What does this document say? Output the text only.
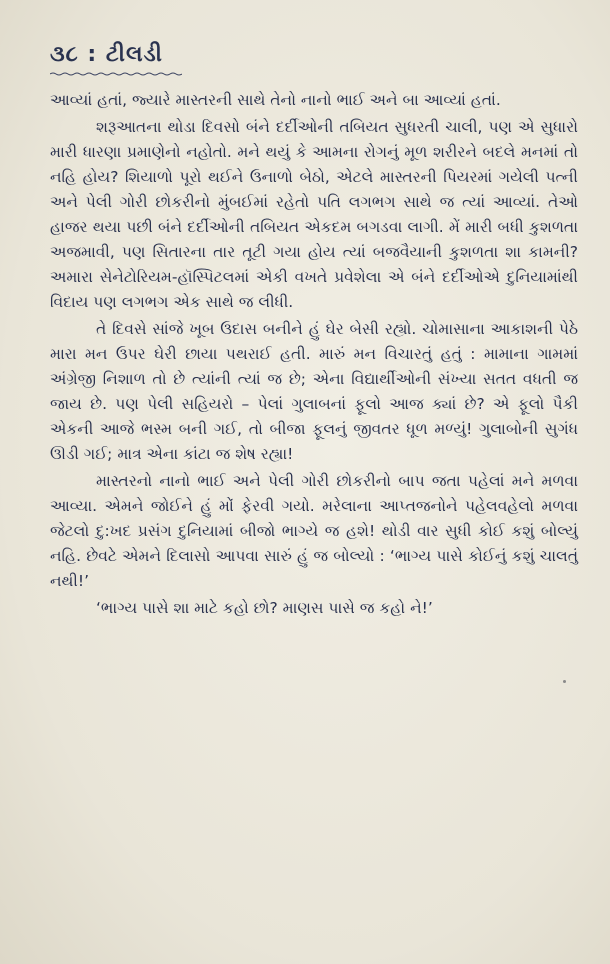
૩૮ : ટીલડી

આવ્યાં હતાં, જ્યારે માસ્તરની સાથે તેનો નાનો ભાઈ અને બા આવ્યાં હતાં.

શરૂઆતના થોડા દિવસો બંને દર્દીઓની તબિયત સુધરતી ચાલી, પણ એ સુધારો મારી ધારણા પ્રમાણેનો નહોતો. મને થયું કે આમના રોગનું મૂળ શરીરને બદલે મનમાં તો નહિ હોય? શિયાળો પૂરો થઈને ઉનાળો બેઠો, એટલે માસ્તરની પિયરમાં ગયેલી પત્ની અને પેલી ગોરી છોકરીનો મુંબઈમાં રહેતો પતિ લગભગ સાથે જ ત્યાં આવ્યાં. તેઓ હાજર થયા પછી બંને દર્દીઓની તબિયત એકદમ બગડવા લાગી. મેં મારી બધી કુશળતા અજમાવી, પણ સિતારના તાર તૂટી ગયા હોય ત્યાં બજવૈયાની કુશળતા શા કામની? અમારા સેનેટોરિયમ-હૉસ્પિટલમાં એકી વખતે પ્રવેશેલા એ બંને દર્દીઓએ દુનિયામાંથી વિદાય પણ લગભગ એક સાથે જ લીધી.

તે દિવસે સાંજે ખૂબ ઉદાસ બનીને હું ઘેર બેસી રહ્યો. ચોમાસાના આકાશની પેઠે મારા મન ઉપર ઘેરી છાયા પથરાઈ હતી. મારું મન વિચારતું હતું : મામાના ગામમાં અંગ્રેજી નિશાળ તો છે ત્યાંની ત્યાં જ છે; એના વિદ્યાર્થીઓની સંખ્યા સતત વધતી જ જાય છે. પણ પેલી સહિયરો – પેલાં ગુલાબનાં ફૂલો આજ ક્યાં છે? એ ફૂલો પૈકી એકની આજે ભસ્મ બની ગઈ, તો બીજા ફૂલનું જીવતર ધૂળ મળ્યું! ગુલાબોની સુગંધ ઊડી ગઈ; માત્ર એના કાંટા જ શેષ રહ્યા!

માસ્તરનો નાનો ભાઈ અને પેલી ગોરી છોકરીનો બાપ જતા પહેલાં મને મળવા આવ્યા. એમને જોઈને હું મોં ફેરવી ગયો. મરેલાના આપ્તજનોને પહેલવહેલો મળવા જેટલો દુ:ખદ પ્રસંગ દુનિયામાં બીજો ભાગ્યે જ હશે! થોડી વાર સુધી કોઈ કશું બોલ્યું નહિ. છેવટે એમને દિલાસો આપવા સારું હું જ બોલ્યો : ‘ભાગ્ય પાસે કોઈનું કશું ચાલતું નથી!’

‘ભાગ્ય પાસે શા માટે કહો છો? માણસ પાસે જ કહો ને!’
